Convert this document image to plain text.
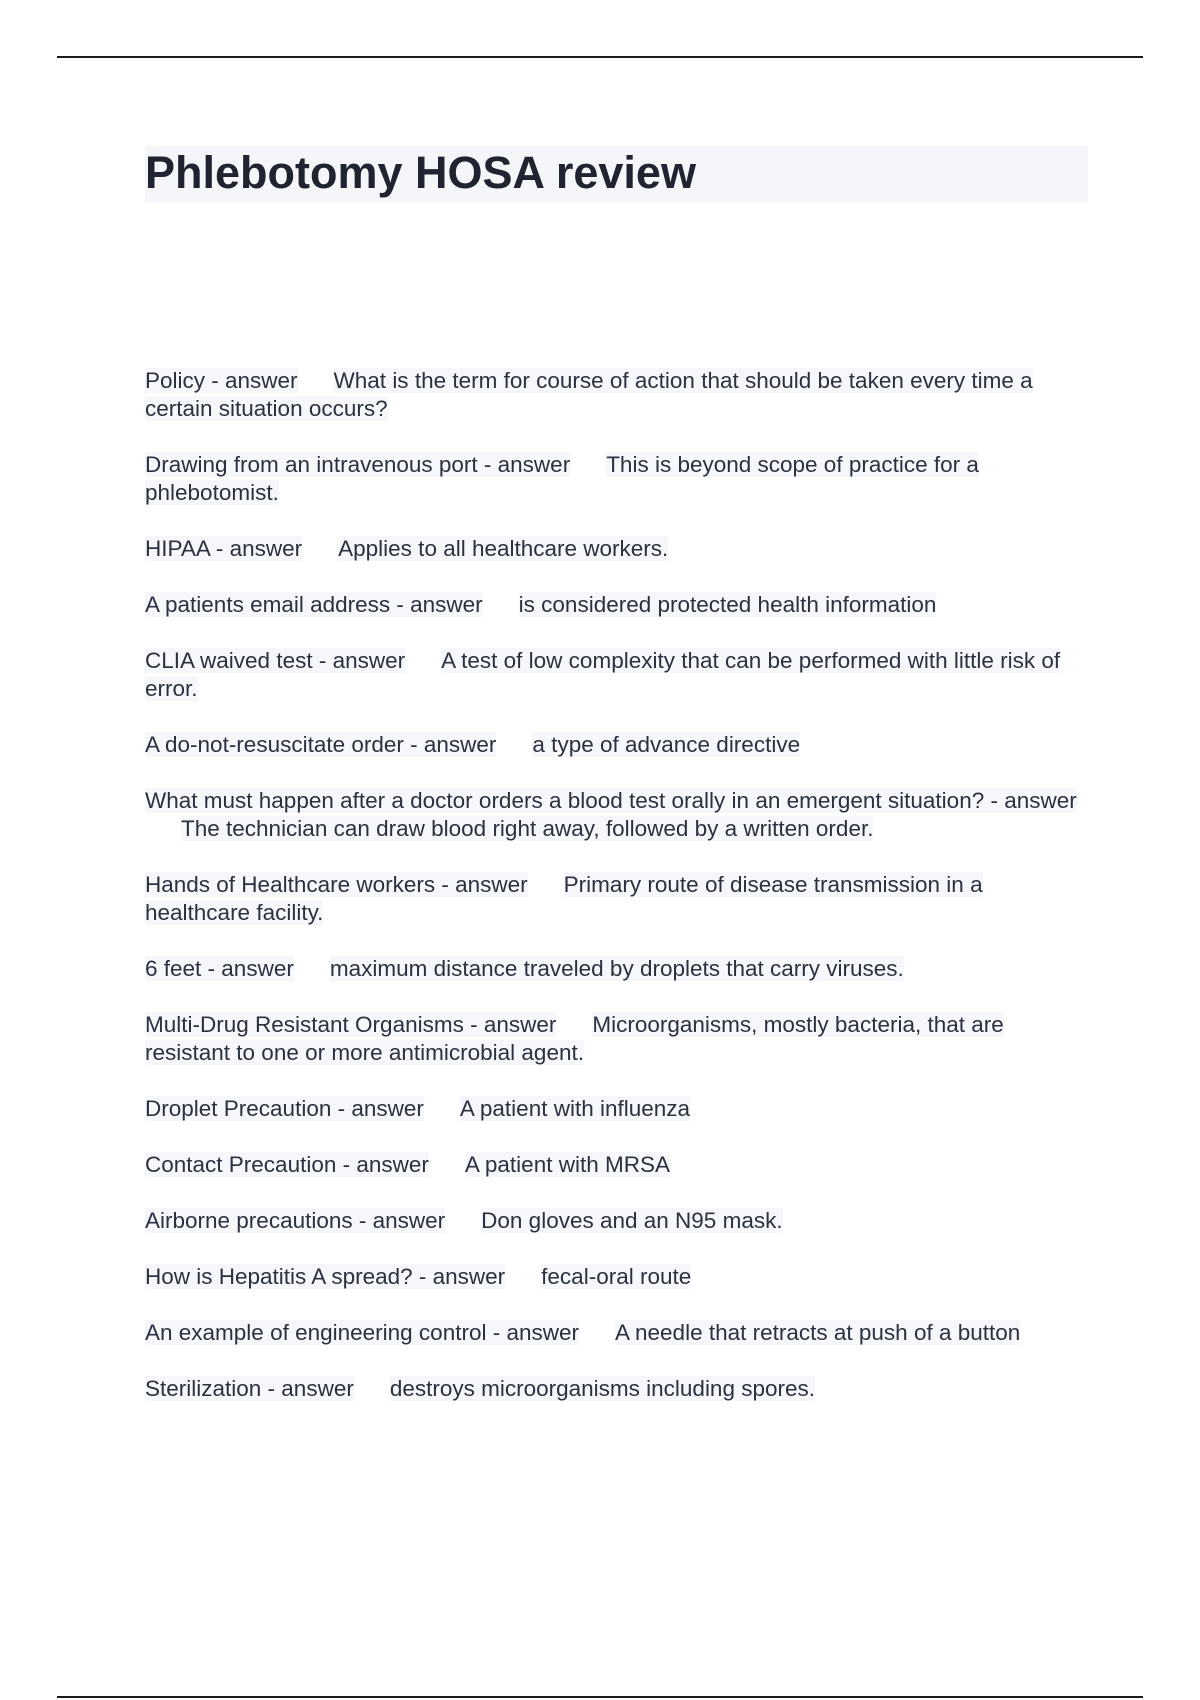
Phlebotomy HOSA review

Policy - answer What is the term for course of action that should be taken every time a certain situation occurs?

Drawing from an intravenous port - answer This is beyond scope of practice for a phlebotomist.

HIPAA - answer Applies to all healthcare workers.

A patients email address - answer is considered protected health information

CLIA waived test - answer A test of low complexity that can be performed with little risk of error.

A do-not-resuscitate order - answer a type of advance directive

What must happen after a doctor orders a blood test orally in an emergent situation? - answerThe technician can draw blood right away, followed by a written order.

Hands of Healthcare workers - answer Primary route of disease transmission in a healthcare facility.

6 feet - answer maximum distance traveled by droplets that carry viruses.

Multi-Drug Resistant Organisms - answer Microorganisms, mostly bacteria, that are resistant to one or more antimicrobial agent.

Droplet Precaution - answer A patient with influenza

Contact Precaution - answer A patient with MRSA

Airborne precautions - answer Don gloves and an N95 mask.

How is Hepatitis A spread? - answer fecal-oral route

An example of engineering control - answer A needle that retracts at push of a button

Sterilization - answer destroys microorganisms including spores.
